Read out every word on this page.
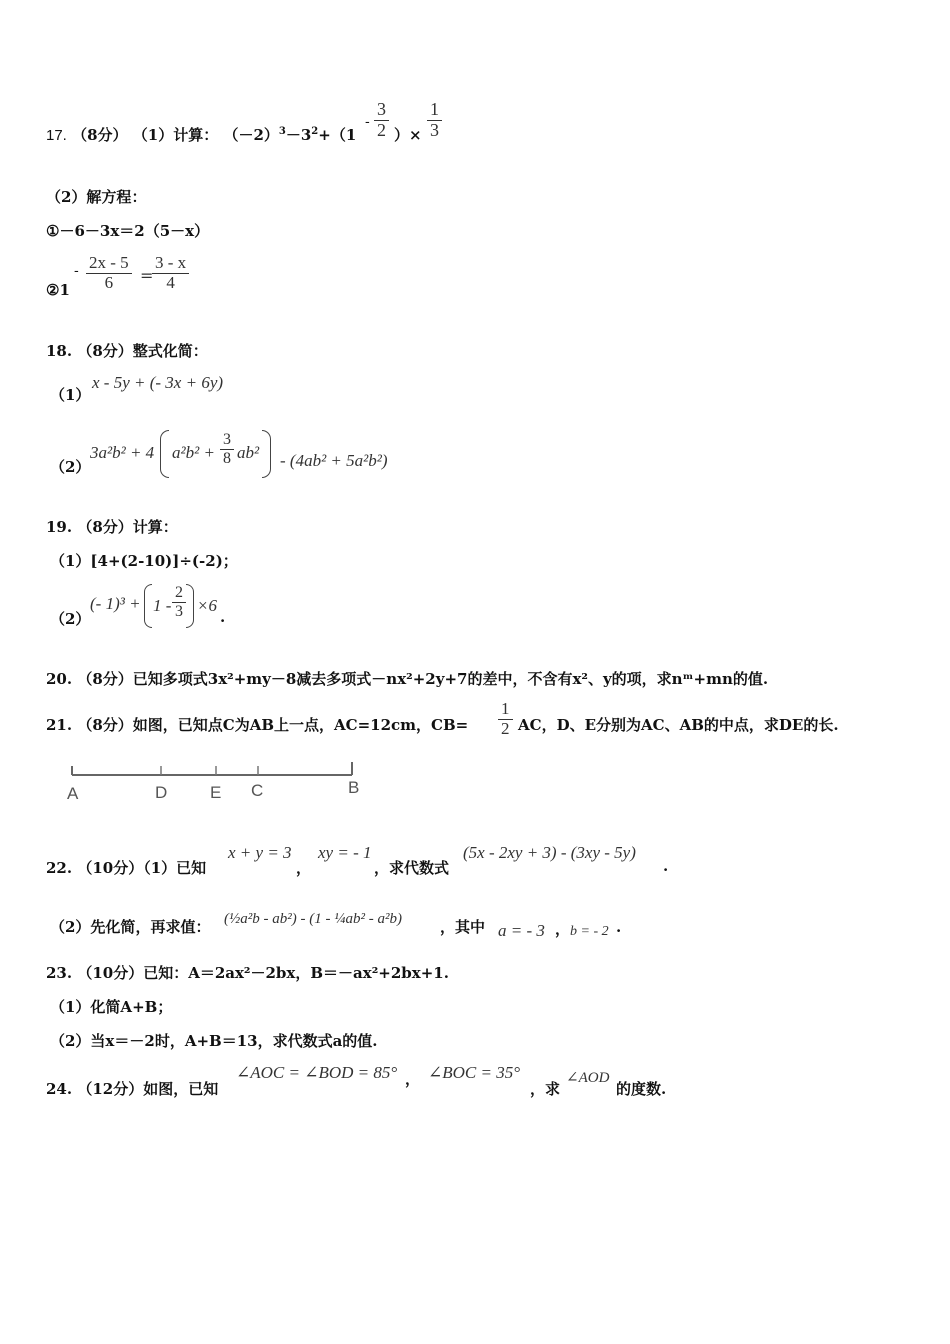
17. （8分） （1）计算： $(-2)^3-3^2+(1$
- $\frac{3}{2}$ ）× $\frac{1}{3}$
（2）解方程：
①－6－3x＝2（5－x）
②1
- $\frac{2x - 5}{6}$ =
$\frac{3 - x}{4}$
18. （8分）整式化简：
（1）
x - 5y + (- 3x + 6y)
（2）
3a²b² + 4 $a^2b^2 + \frac{3}{8} ab^2 - (4ab^2 + 5a^2b^2)$
19. （8分）计算：
（1）[4+(2-10)]÷(-2)；
（2）
(- $1)^3 + 1 - \frac{2}{3} \times 6$
.
20. （8分）已知多项式3x²+my－8减去多项式－nx²+2y+7的差中，不含有x²、y的项，求nᵐ+mn的值.
21. （8分）如图，已知点C为AB上一点，AC=12cm，$CB= \frac{1}{2}$ AC，D、E分别为AC、AB的中点，求DE的长.
A	D	E C	B
22. （10分）（1）已知
x + y = 3
，
xy = - 1
，求代数式
(5x - 2xy + 3) - (3xy - 5y)
.
（2）先化简，再求值： (½a²b - ab²) - (1 - ¼ab² - a²b)	，其中 a = - 3 ， b = - 2 .
23. （10分）已知：A＝2ax²－2bx，B＝－ax²+2bx+1.
（1）化简A+B；
（2）当x＝－2时，A+B＝13，求代数式a的值.
24. （12分）如图，已知
∠AOC = ∠BOD = 85° ， ∠BOC = 35°
，求
∠AOD
的度数.
